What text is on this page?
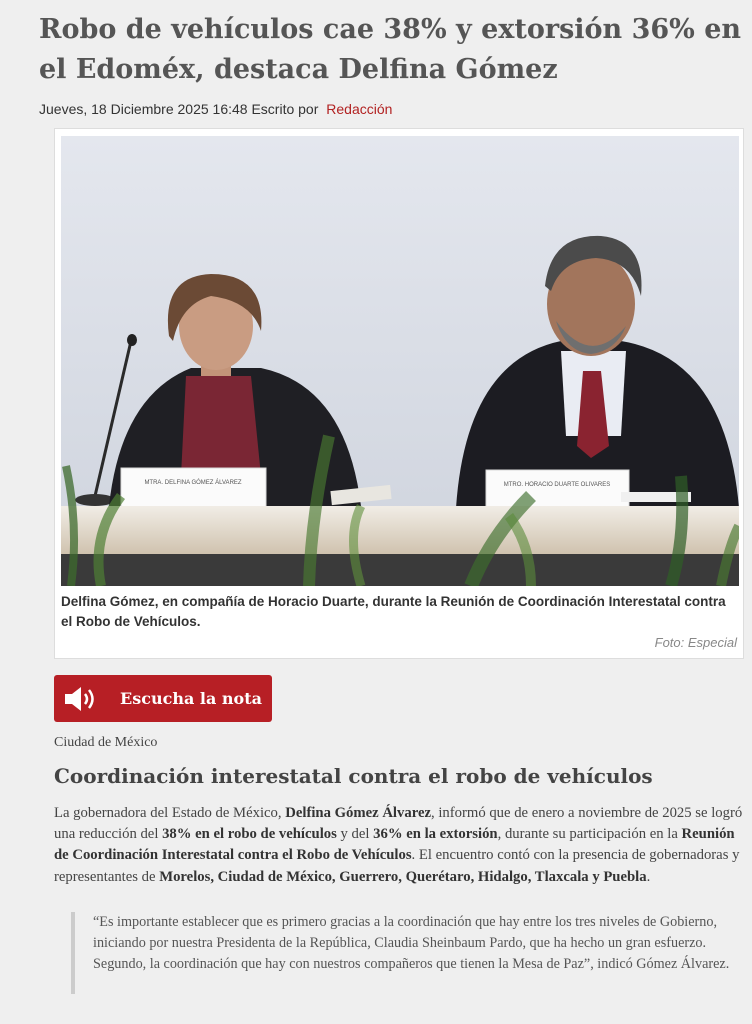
Robo de vehículos cae 38% y extorsión 36% en el Edoméx, destaca Delfina Gómez
Jueves, 18 Diciembre 2025 16:48 Escrito por Redacción
MTRA. DELFINA GÓMEZ ÁLVAREZ	MTRO. HORACIO DUARTE OLIVARES

Delfina Gómez, en compañía de Horacio Duarte, durante la Reunión de Coordinación Interestatal contra el Robo de Vehículos.

Foto: Especial
Escucha la nota

Ciudad de México

Coordinación interestatal contra el robo de vehículos

La gobernadora del Estado de México, Delfina Gómez Álvarez, informó que de enero a noviembre de 2025 se logró una reducción del 38% en el robo de vehículos y del 36% en la extorsión, durante su participación en la Reunión de Coordinación Interestatal contra el Robo de Vehículos. El encuentro contó con la presencia de gobernadoras y representantes de Morelos, Ciudad de México, Guerrero, Querétaro, Hidalgo, Tlaxcala y Puebla.

“Es importante establecer que es primero gracias a la coordinación que hay entre los tres niveles de Gobierno, iniciando por nuestra Presidenta de la República, Claudia Sheinbaum Pardo, que ha hecho un gran esfuerzo. Segundo, la coordinación que hay con nuestros compañeros que tienen la Mesa de Paz”, indicó Gómez Álvarez.
